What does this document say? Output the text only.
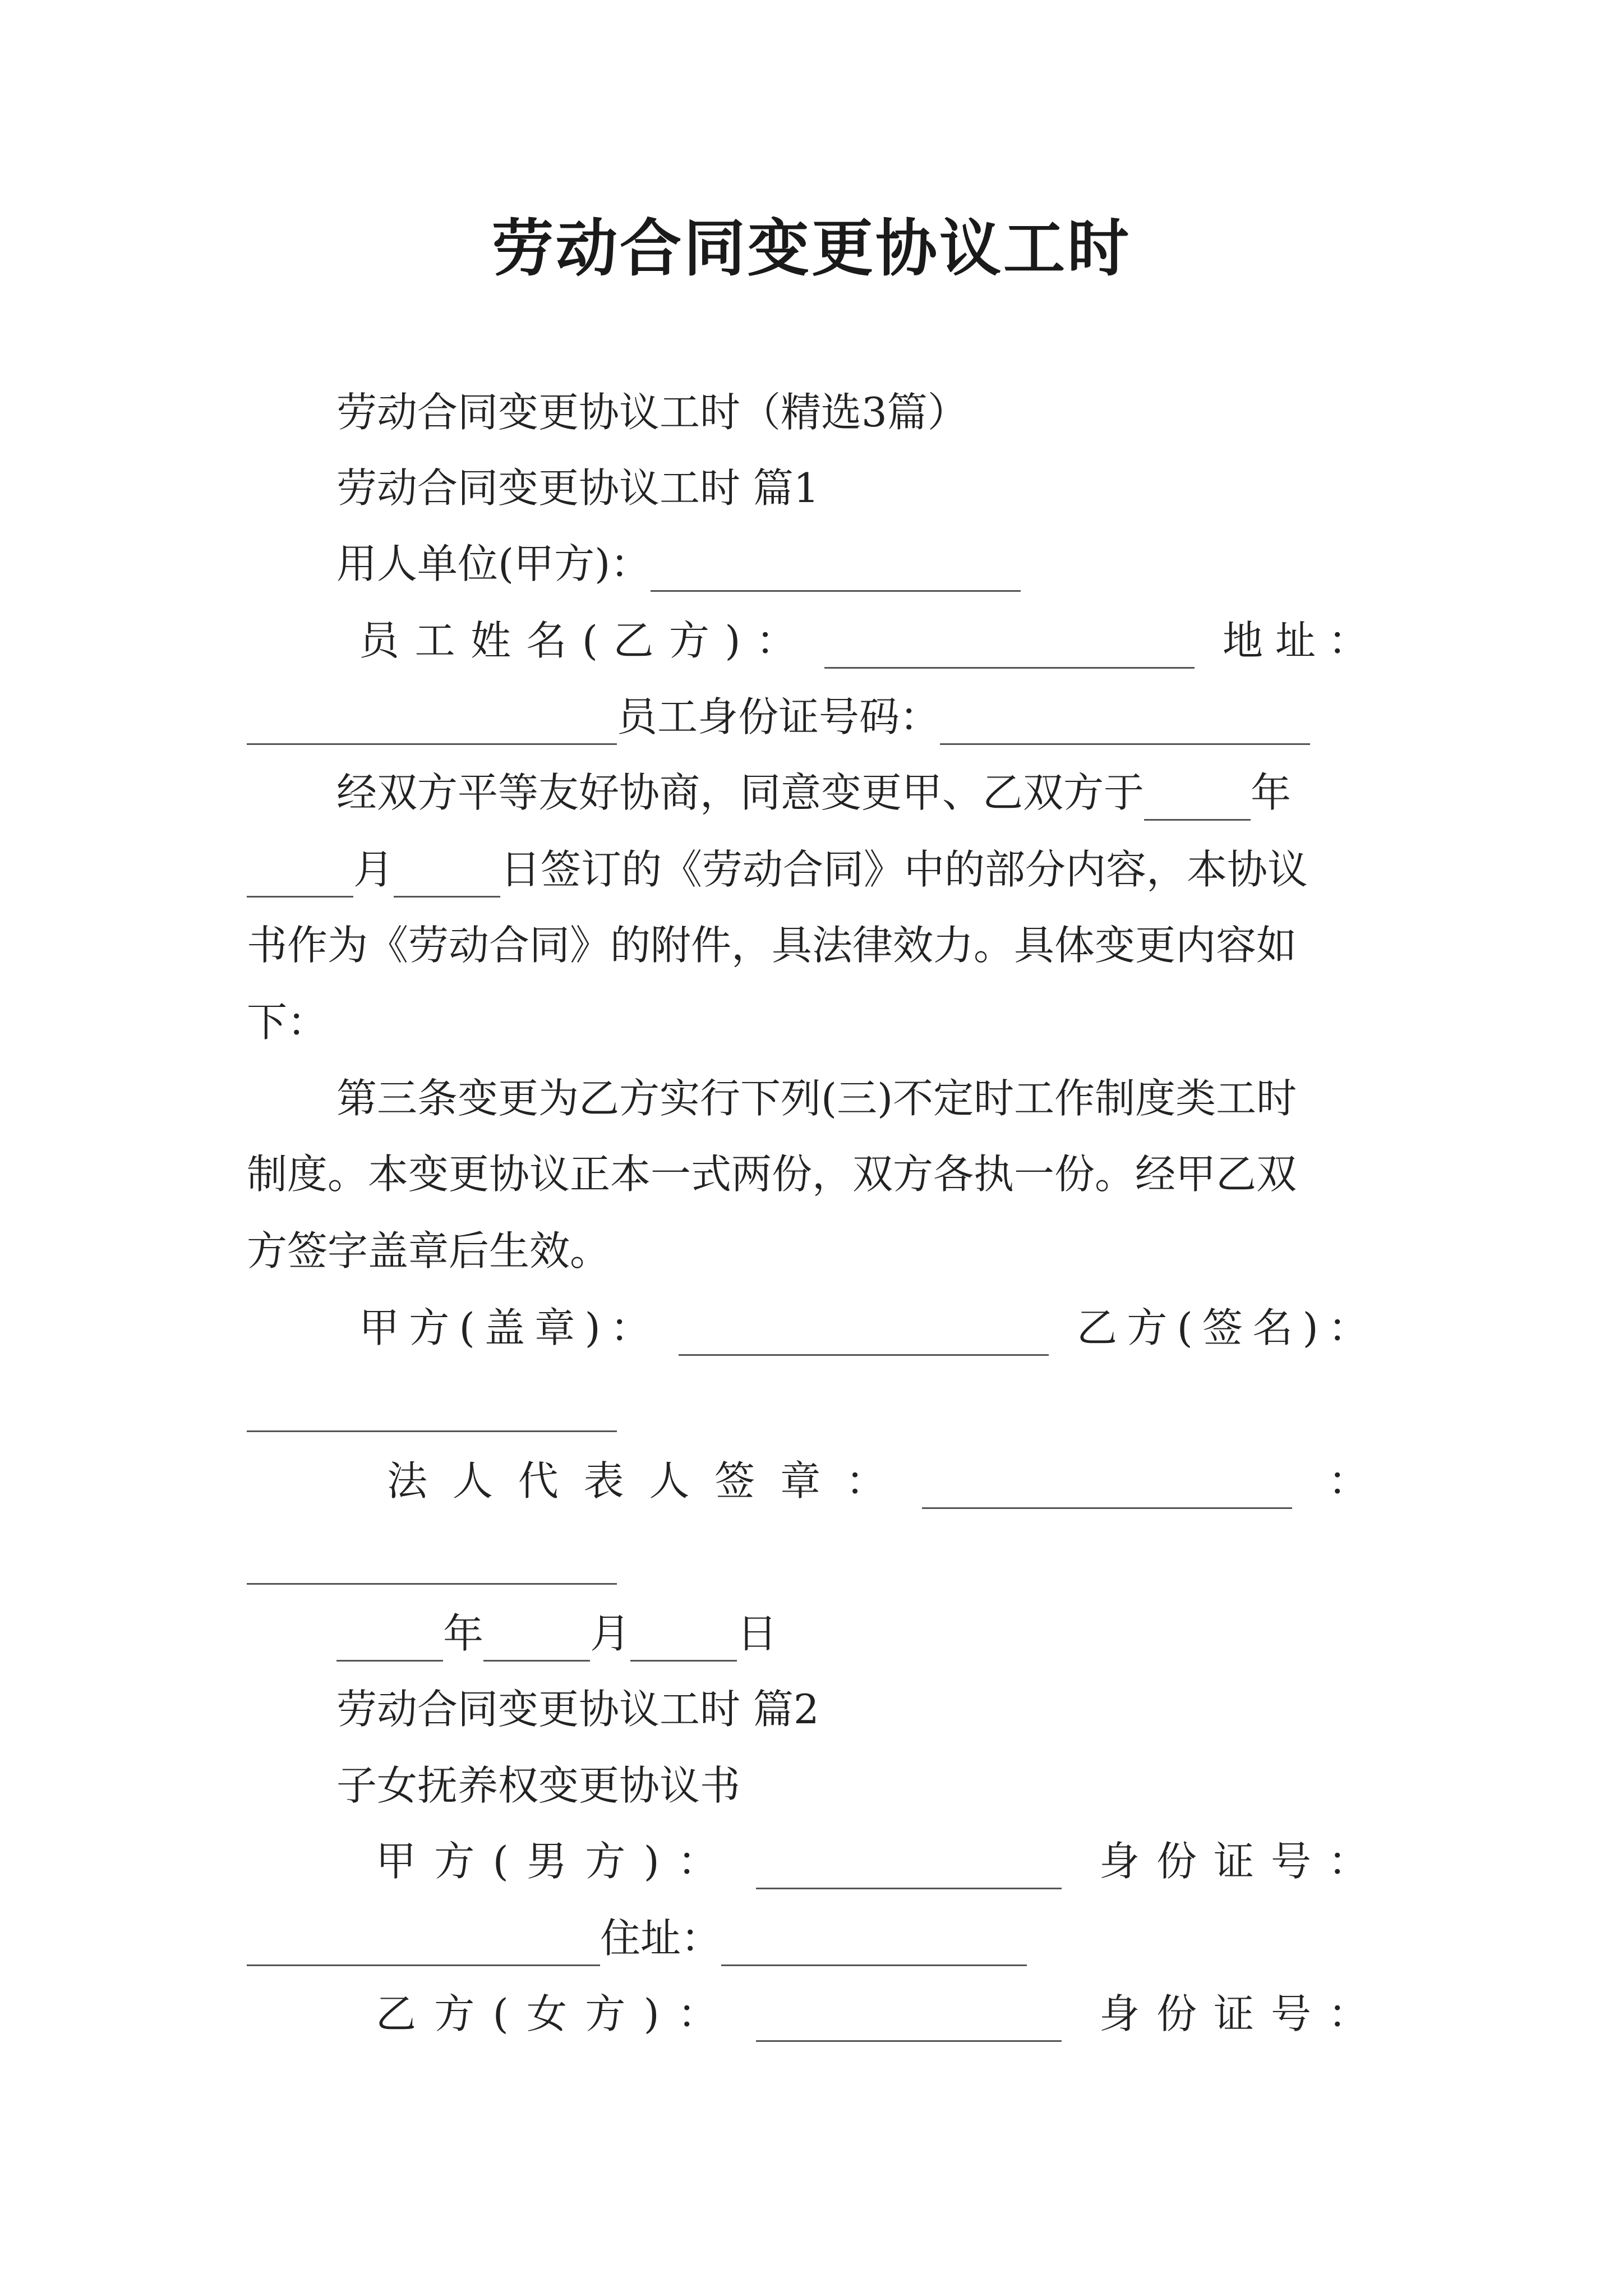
劳动合同变更协议工时
劳动合同变更协议工时（精选3篇）
劳动合同变更协议工时 篇1
用人单位(甲方)：
员 工 姓 名 ( 乙 方 ) ：	地 址 ：
员工身份证号码：
经双方平等友好协商，同意变更甲、乙双方于	年
月	日签订的《劳动合同》中的部分内容，本协议
书作为《劳动合同》的附件，具法律效力。具体变更内容如
下：
第三条变更为乙方实行下列(三)不定时工作制度类工时
制度。本变更协议正本一式两份，双方各执一份。经甲乙双
方签字盖章后生效。
甲 方 ( 盖 章 ) ：	乙 方 ( 签 名 ) ：
法 人 代 表 人 签 章 ：	：
年	月	日
劳动合同变更协议工时 篇2
子女抚养权变更协议书
甲 方 ( 男 方 ) ：	身 份 证 号 ：
住址：
乙 方 ( 女 方 ) ：	身 份 证 号 ：
